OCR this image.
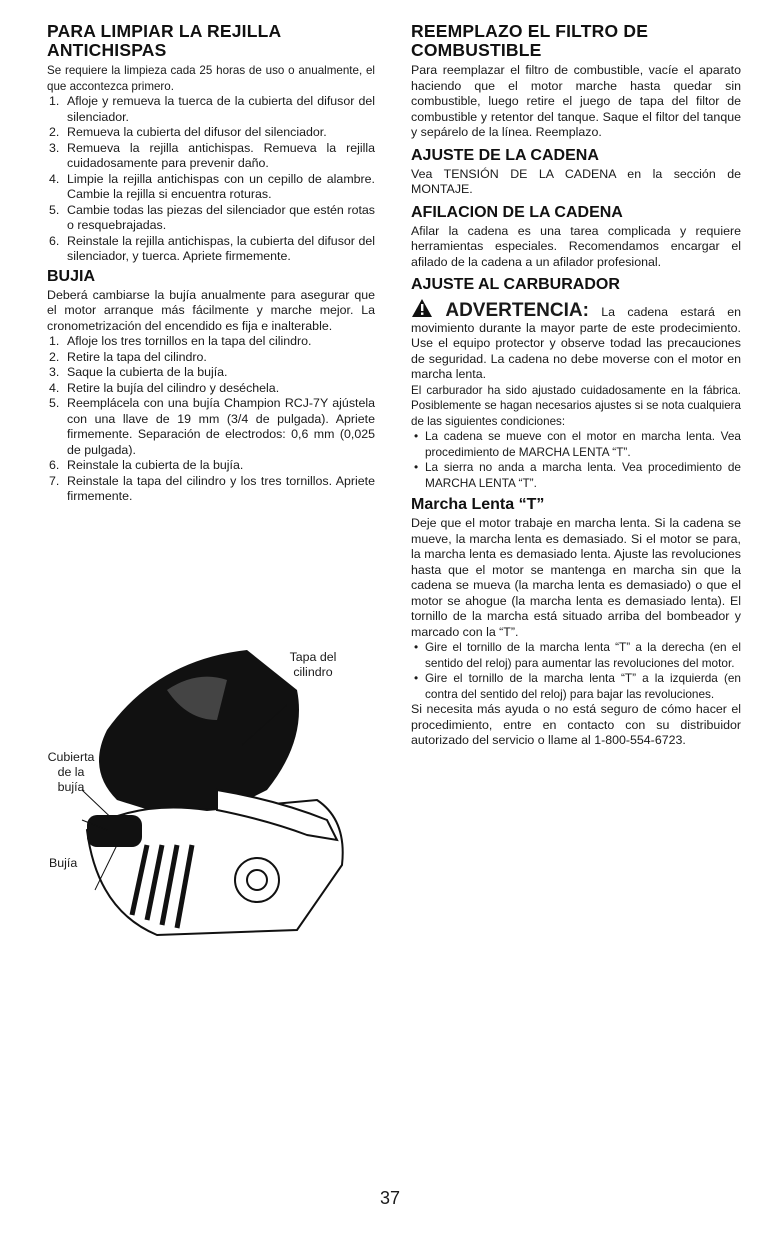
PARA LIMPIAR LA REJILLA ANTICHISPAS

Se requiere la limpieza cada 25 horas de uso o anualmente, el que accontezca primero.

1. Afloje y remueva la tuerca de la cubierta del difusor del silenciador.
2. Remueva la cubierta del difusor del silenciador.
3. Remueva la rejilla antichispas. Remueva la rejilla cuidadosamente para prevenir daño.
4. Limpie la rejilla antichispas con un cepillo de alambre. Cambie la rejilla si encuentra roturas.
5. Cambie todas las piezas del silenciador que estén rotas o resquebrajadas.
6. Reinstale la rejilla antichispas, la cubierta del difusor del silenciador, y tuerca. Apriete firmemente.
BUJIA

Deberá cambiarse la bujía anualmente para asegurar que el motor arranque más fácilmente y marche mejor. La cronometrización del encendido es fija e inalterable.

1. Afloje los tres tornillos en la tapa del cilindro.
2. Retire la tapa del cilindro.
3. Saque la cubierta de la bujía.
4. Retire la bujía del cilindro y deséchela.
5. Reemplácela con una bujía Champion RCJ-7Y ajústela con una llave de 19 mm (3/4 de pulgada). Apriete firmemente. Separación de electrodos: 0,6 mm (0,025 de pulgada).
6. Reinstale la cubierta de la bujía.
7. Reinstale la tapa del cilindro y los tres tornillos. Apriete firmemente.
Tapa del cilindro
Cubierta de la bujía
Bujía
REEMPLAZO EL FILTRO DE COMBUSTIBLE

Para reemplazar el filtro de combustible, vacíe el aparato haciendo que el motor marche hasta quedar sin combustible, luego retire el juego de tapa del filtor de combustible y retentor del tanque. Saque el filtor del tanque y sepárelo de la línea. Reemplazo.

AJUSTE DE LA CADENA

Vea TENSIÓN DE LA CADENA en la sección de MONTAJE.

AFILACION DE LA CADENA

Afilar la cadena es una tarea complicada y requiere herramientas especiales. Recomendamos encargar el afilado de la cadena a un afilador profesional.

AJUSTE AL CARBURADOR

ADVERTENCIA: La cadena estará en movimiento durante la mayor parte de este prodecimiento. Use el equipo protector y observe todad las precauciones de seguridad. La cadena no debe moverse con el motor en marcha lenta.

El carburador ha sido ajustado cuidadosamente en la fábrica. Posiblemente se hagan necesarios ajustes si se nota cualquiera de las siguientes condiciones:

• La cadena se mueve con el motor en marcha lenta. Vea procedimiento de MARCHA LENTA “T”.
• La sierra no anda a marcha lenta. Vea procedimiento de MARCHA LENTA “T”.
Marcha Lenta “T”

Deje que el motor trabaje en marcha lenta. Si la cadena se mueve, la marcha lenta es demasiado. Si el motor se para, la marcha lenta es demasiado lenta. Ajuste las revoluciones hasta que el motor se mantenga en marcha sin que la cadena se mueva (la marcha lenta es demasiado) o que el motor se ahogue (la marcha lenta es demasiado lenta). El tornillo de la marcha está situado arriba del bombeador y marcado con la “T”.

• Gire el tornillo de la marcha lenta “T” a la derecha (en el sentido del reloj) para aumentar las revoluciones del motor.
• Gire el tornillo de la marcha lenta “T” a la izquierda (en contra del sentido del reloj) para bajar las revoluciones.

Si necesita más ayuda o no está seguro de cómo hacer el procedimiento, entre en contacto con su distribuidor autorizado del servicio o llame al 1-800-554-6723.

37
